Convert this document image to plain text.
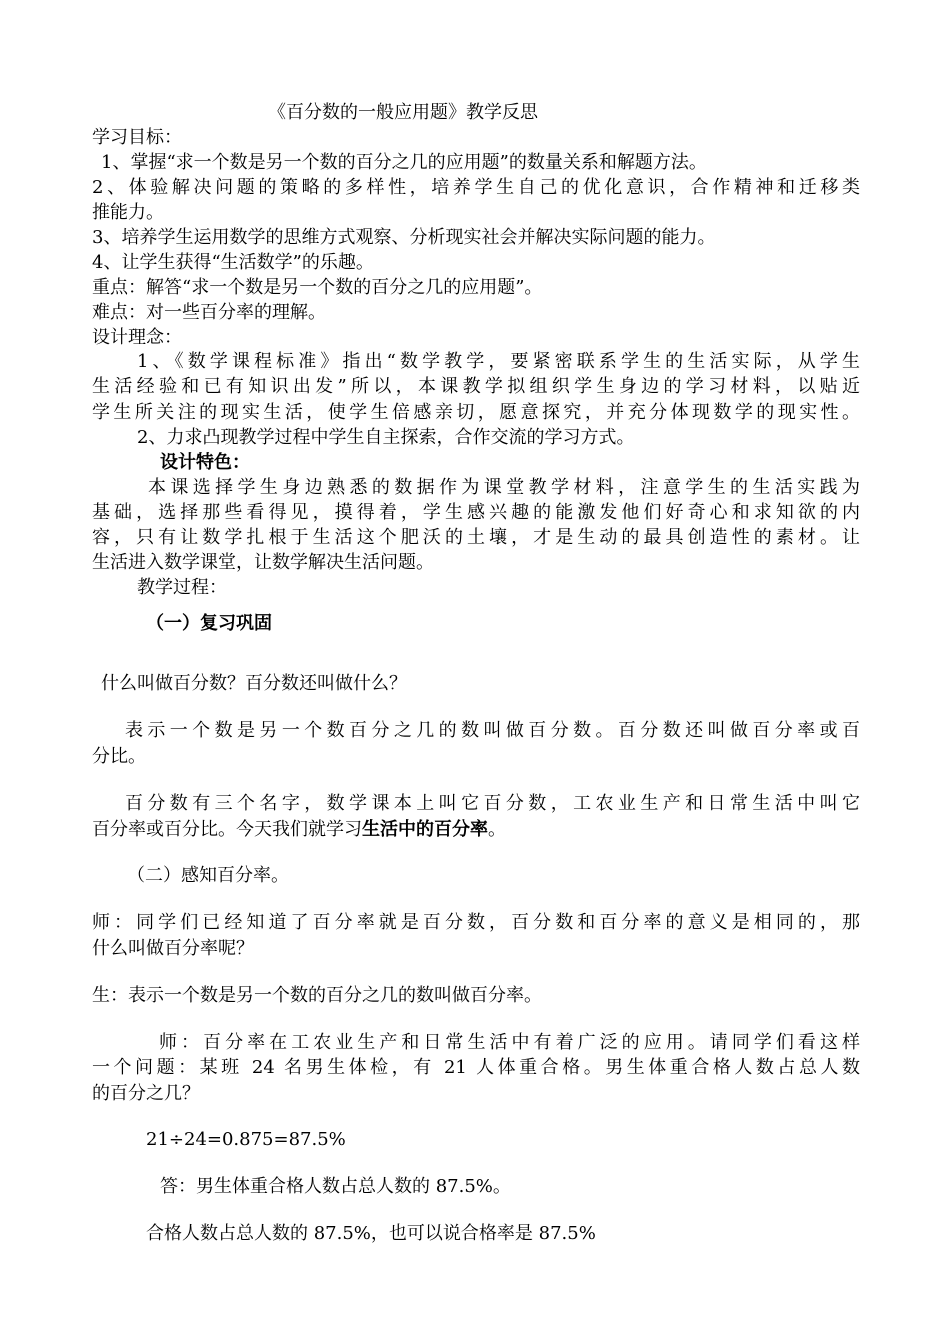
《百分数的一般应用题》教学反思
学习目标：
1、掌握“求一个数是另一个数的百分之几的应用题”的数量关系和解题方法。
2、体验解决问题的策略的多样性，培养学生自己的优化意识，合作精神和迁移类
推能力。
3、培养学生运用数学的思维方式观察、分析现实社会并解决实际问题的能力。
4、让学生获得“生活数学”的乐趣。
重点：解答“求一个数是另一个数的百分之几的应用题”。
难点：对一些百分率的理解。
设计理念：
1、《数学课程标准》指出“数学教学，要紧密联系学生的生活实际，从学生
生活经验和已有知识出发”所以，本课教学拟组织学生身边的学习材料，以贴近
学生所关注的现实生活，使学生倍感亲切，愿意探究，并充分体现数学的现实性。
2、力求凸现教学过程中学生自主探索，合作交流的学习方式。
设计特色：
本课选择学生身边熟悉的数据作为课堂教学材料，注意学生的生活实践为
基础，选择那些看得见，摸得着，学生感兴趣的能激发他们好奇心和求知欲的内
容，只有让数学扎根于生活这个肥沃的土壤，才是生动的最具创造性的素材。让
生活进入数学课堂，让数学解决生活问题。
教学过程：
（一）复习巩固
什么叫做百分数？百分数还叫做什么？
表示一个数是另一个数百分之几的数叫做百分数。百分数还叫做百分率或百
分比。
百分数有三个名字，数学课本上叫它百分数，工农业生产和日常生活中叫它
百分率或百分比。今天我们就学习生活中的百分率。
（二）感知百分率。
师：同学们已经知道了百分率就是百分数，百分数和百分率的意义是相同的，那
什么叫做百分率呢？
生：表示一个数是另一个数的百分之几的数叫做百分率。
师：百分率在工农业生产和日常生活中有着广泛的应用。请同学们看这样
一个问题：某班 24 名男生体检，有 21 人体重合格。男生体重合格人数占总人数
的百分之几？
21÷24=0.875=87.5%
答：男生体重合格人数占总人数的 87.5%。
合格人数占总人数的 87.5%，也可以说合格率是 87.5%
